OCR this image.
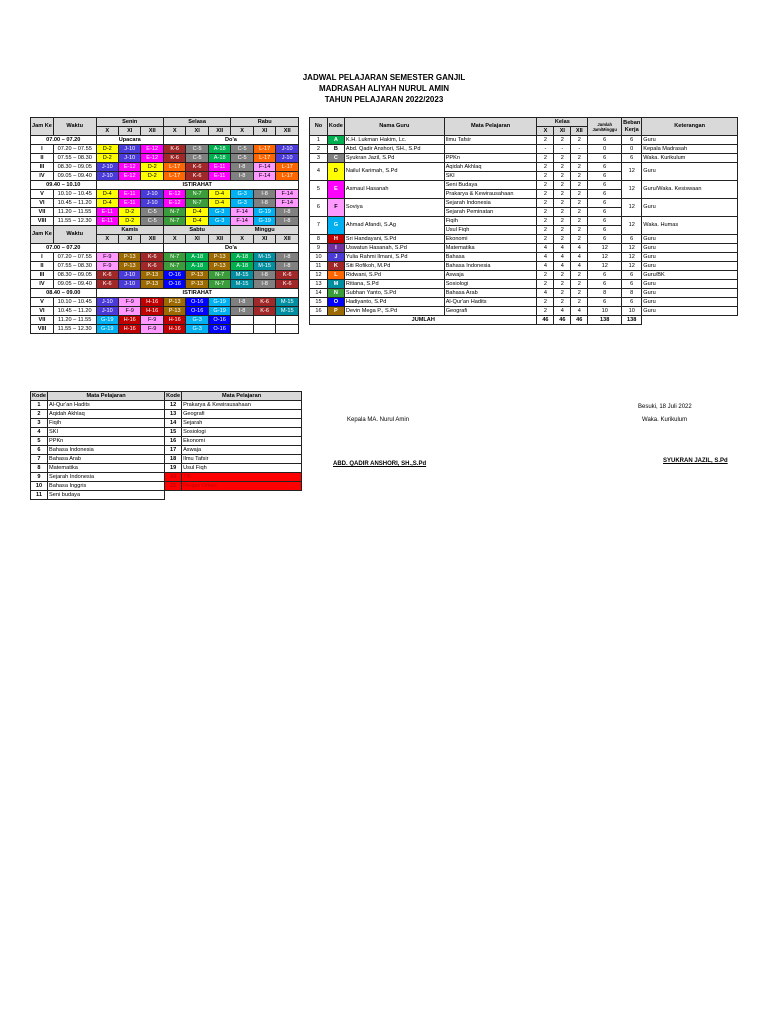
JADWAL PELAJARAN SEMESTER GANJIL
MADRASAH ALIYAH NURUL AMIN
TAHUN PELAJARAN 2022/2023
Jam Ke	Waktu	Senin			Selasa			Rabu		
		X	XI	XII	X	XI	XII	X	XI	XII
07.00 – 07.20		Upacara			Do'a					
I	07.20 – 07.55	D-2	J-10	E-12	K-6	C-5	A-18	C-5	L-17	J-10
II	07.55 – 08.30	D-2	J-10	E-12	K-6	C-5	A-18	C-5	L-17	J-10
III	08.30 – 09.05	J-10	E-12	D-2	L-17	K-6	E-11	I-8	F-14	L-17
IV	09.05 – 09.40	J-10	E-12	D-2	L-17	K-6	E-11	I-8	F-14	L-17
09.40 – 10.10		ISTIRAHAT								
V	10.10 – 10.45	D-4	E-11	J-10	E-12	N-7	D-4	G-3	I-8	F-14
VI	10.45 – 11.20	D-4	E-11	J-10	E-12	N-7	D-4	G-3	I-8	F-14
VII	11.20 – 11.55	E-11	D-2	C-5	N-7	D-4	G-3	F-14	G-19	I-8
VIII	11.55 – 12.30	E-11	D-2	C-5	N-7	D-4	G-3	F-14	G-19	I-8
Jam Ke	Waktu	Kamis			Sabtu			Minggu		
		X	XI	XII	X	XI	XII	X	XI	XII
07.00 – 07.20					Do'a					
I	07.20 – 07.55	F-9	P-13	K-6	N-7	A-18	P-13	A-18	M-15	I-8
II	07.55 – 08.30	F-9	P-13	K-6	N-7	A-18	P-13	A-18	M-15	I-8
III	08.30 – 09.05	K-6	J-10	P-13	O-16	P-13	N-7	M-15	I-8	K-6
IV	09.05 – 09.40	K-6	J-10	P-13	O-16	P-13	N-7	M-15	I-8	K-6
08.40 – 09.00		ISTIRAHAT								
V	10.10 – 10.45	J-10	F-9	H-16	P-13	O-16	G-19	I-8	K-6	M-15
VI	10.45 – 11.20	J-10	F-9	H-16	P-13	O-16	G-19	I-8	K-6	M-15
VII	11.20 – 11.55	G-19	H-16	F-9	H-16	G-3	O-16			
VIII	11.55 – 12.30	G-19	H-16	F-9	H-16	G-3	O-16			
No	Kode	Nama Guru	Mata Pelajaran	Kelas			Jumlah Jam/Minggu	Beban Kerja	Keterangan
				X	XI	XII			
1	A	K.H. Lukman Hakim, Lc.	Ilmu Tafsir	2	2	2	6	6	Guru
2	B	Abd. Qadir Anshori, SH., S.Pd		-	-	-	0	0	Kepala Madrasah
3	C	Syukran Jazil, S.Pd	PPKn	2	2	2	6	6	Waka. Kurikulum
4	D	Nailul Karimah, S.Pd	Aqidah Akhlaq	2	2	2	6	12	Guru
			SKI	2	2	2	6		
5	E	Asmaul Hasanah	Seni Budaya	2	2	2	6	12	Guru/Waka. Kesiswaan
			Prakarya & Kewirausahaan	2	2	2	6		
6	F	Soviya	Sejarah Indonesia	2	2	2	6	12	Guru
			Sejarah Peminatan	2	2	2	6		
7	G	Ahmad Afandi, S.Ag	Fiqih	2	2	2	6	12	Waka. Humas
			Usul Fiqh	2	2	2	6		
8	H	Sri Handayani, S.Pd	Ekonomi	2	2	2	6	6	Guru
9	I	Uswatun Hasanah, S.Pd	Matematika	4	4	4	12	12	Guru
10	J	Yulia Rahmi Ilmani, S.Pd	Bahasa	4	4	4	12	12	Guru
11	K	Siti Rofikoh, M.Pd	Bahasa Indonesia	4	4	4	12	12	Guru
12	L	Ridwani, S.Pd	Aswaja	2	2	2	6	6	Guru/BK
13	M	Ritiana, S.Pd	Sosiologi	2	2	2	6	6	Guru
14	N	Subhan Yanto, S.Pd	Bahasa Arab	4	2	2	8	8	Guru
15	O	Hadiyanto, S.Pd	Al-Qur'an Hadits	2	2	2	6	6	Guru
16	P	Devin Mega P., S.Pd	Geografi	2	4	4	10	10	Guru
JUMLAH				46	46	46	138	138	
Kode	Mata Pelajaran	Kode	Mata Pelajaran
1	Al-Qur'an Hadits	12	Prakarya & Kewirausahaan
2	Aqidah Akhlaq	13	Geografi
3	Fiqih	14	Sejarah
4	SKI	15	Sosiologi
5	PPKn	16	Ekonomi
6	Bahasa Indonesia	17	Aswaja
7	Bahasa Arab	18	Ilmu Tafsir
8	Matematika	19	Usul Fiqh
9	Sejarah Indonesia	20	TIK
10	Bahasa Inggris	21	Penjas Orkes
11	Seni budaya		
Besuki, 18 Juli 2022
Kepala MA. Nurul Amin	Waka. Kurikulum
ABD. QADIR ANSHORI, SH.,S.Pd	SYUKRAN JAZIL, S.Pd
